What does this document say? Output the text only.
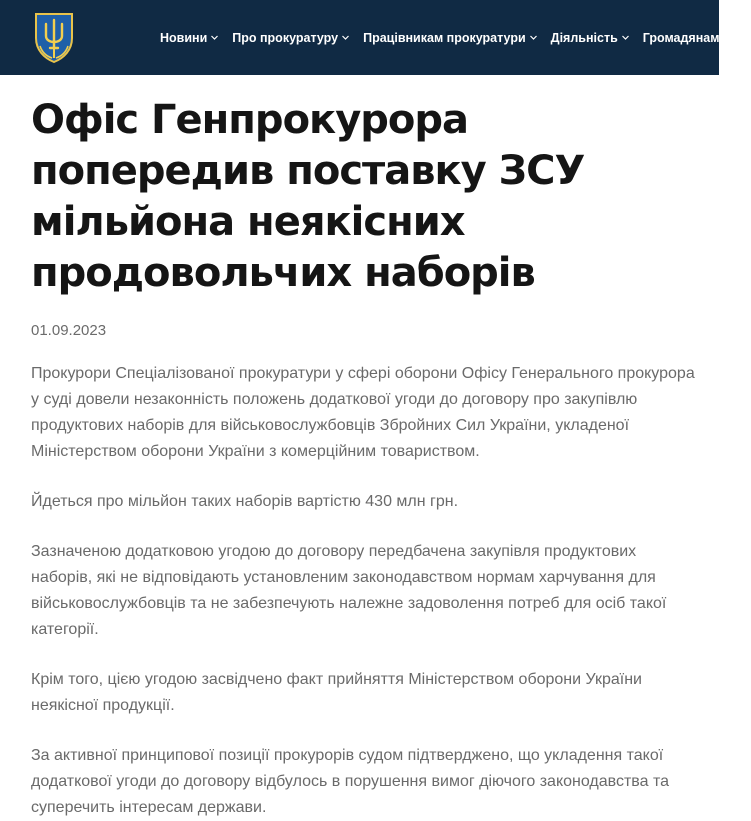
Новини Про прокуратуру Працівникам прокуратури Діяльність Громадянам
Офіс Генпрокурора
попередив поставку ЗСУ
мільйона неякісних
продовольчих наборів
01.09.2023

Прокурори Спеціалізованої прокуратури у сфері оборони Офісу Генерального прокурора
у суді довели незаконність положень додаткової угоди до договору про закупівлю
продуктових наборів для військовослужбовців Збройних Сил України, укладеної
Міністерством оборони України з комерційним товариством.

Йдеться про мільйон таких наборів вартістю 430 млн грн.

Зазначеною додатковою угодою до договору передбачена закупівля продуктових
наборів, які не відповідають установленим законодавством нормам харчування для
військовослужбовців та не забезпечують належне задоволення потреб для осіб такої
категорії.

Крім того, цією угодою засвідчено факт прийняття Міністерством оборони України
неякісної продукції.

За активної принципової позиції прокурорів судом підтверджено, що укладення такої
додаткової угоди до договору відбулось в порушення вимог діючого законодавства та
суперечить інтересам держави.
